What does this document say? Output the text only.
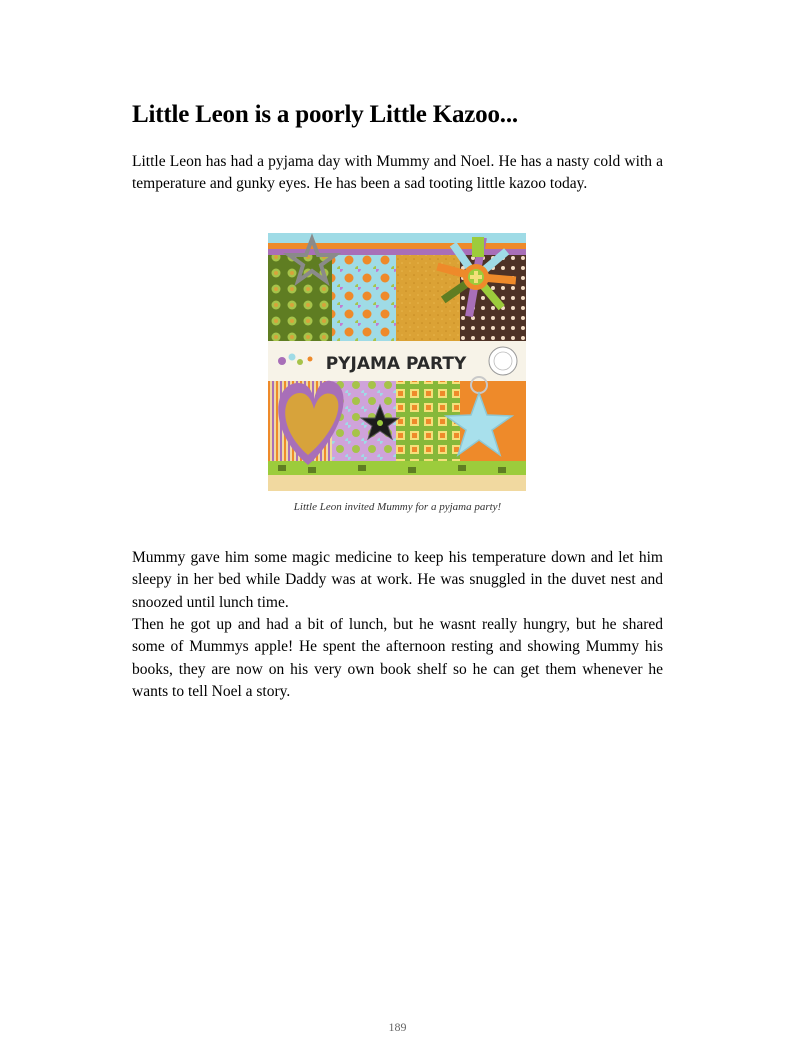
Little Leon is a poorly Little Kazoo...

Little Leon has had a pyjama day with Mummy and Noel. He has a nasty cold with a temperature and gunky eyes. He has been a sad tooting little kazoo today.

PYJAMA PARTY
Little Leon invited Mummy for a pyjama party!

Mummy gave him some magic medicine to keep his temperature down and let him sleepy in her bed while Daddy was at work. He was snuggled in the duvet nest and snoozed until lunch time.

Then he got up and had a bit of lunch, but he wasnt really hungry, but he shared some of Mummys apple! He spent the afternoon resting and showing Mummy his books, they are now on his very own book shelf so he can get them whenever he wants to tell Noel a story.

189
